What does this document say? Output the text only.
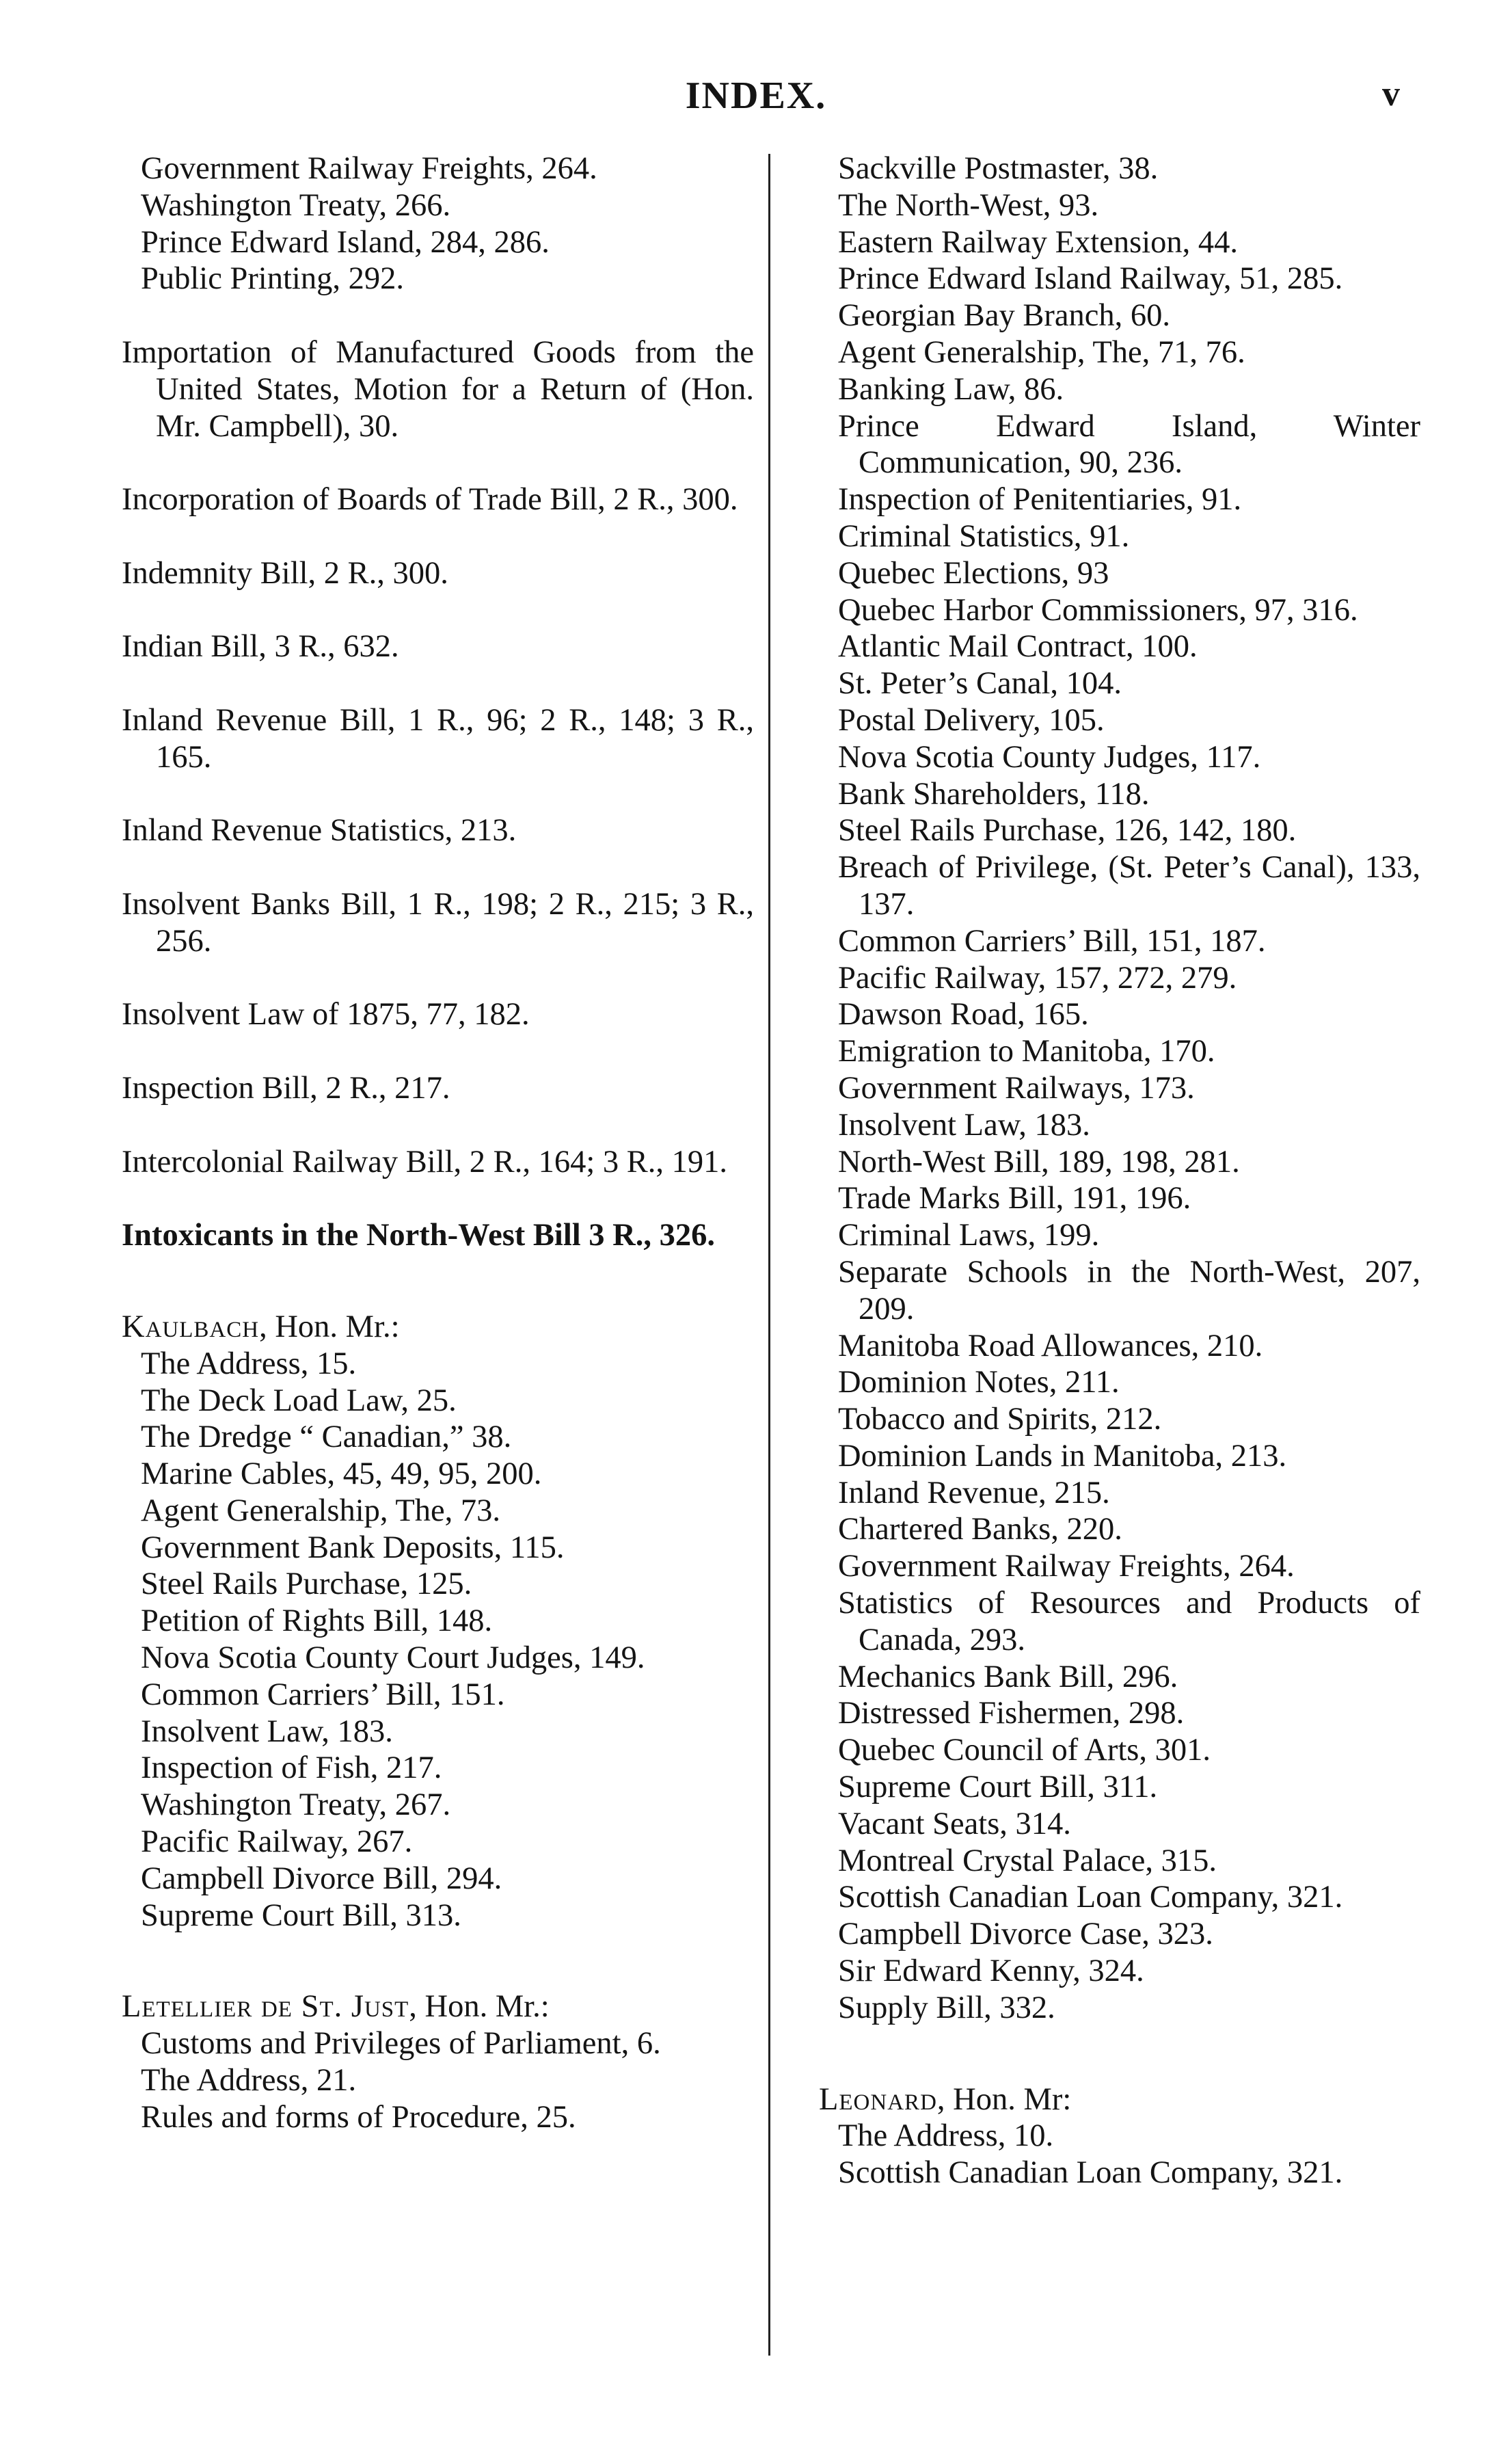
INDEX.	v
Government Railway Freights, 264.
Washington Treaty, 266.
Prince Edward Island, 284, 286.
Public Printing, 292.
Importation of Manufactured Goods from the United States, Motion for a Return of (Hon. Mr. Campbell), 30.
Incorporation of Boards of Trade Bill, 2 R., 300.
Indemnity Bill, 2 R., 300.
Indian Bill, 3 R., 632.
Inland Revenue Bill, 1 R., 96; 2 R., 148; 3 R., 165.
Inland Revenue Statistics, 213.
Insolvent Banks Bill, 1 R., 198; 2 R., 215; 3 R., 256.
Insolvent Law of 1875, 77, 182.
Inspection Bill, 2 R., 217.
Intercolonial Railway Bill, 2 R., 164; 3 R., 191.
Intoxicants in the North-West Bill 3 R., 326.
Kaulbach, Hon. Mr.:
The Address, 15.
The Deck Load Law, 25.
The Dredge “ Canadian,” 38.
Marine Cables, 45, 49, 95, 200.
Agent Generalship, The, 73.
Government Bank Deposits, 115.
Steel Rails Purchase, 125.
Petition of Rights Bill, 148.
Nova Scotia County Court Judges, 149.
Common Carriers’ Bill, 151.
Insolvent Law, 183.
Inspection of Fish, 217.
Washington Treaty, 267.
Pacific Railway, 267.
Campbell Divorce Bill, 294.
Supreme Court Bill, 313.
Letellier de St. Just, Hon. Mr.:
Customs and Privileges of Parliament, 6.
The Address, 21.
Rules and forms of Procedure, 25.
Sackville Postmaster, 38.
The North-West, 93.
Eastern Railway Extension, 44.
Prince Edward Island Railway, 51, 285.
Georgian Bay Branch, 60.
Agent Generalship, The, 71, 76.
Banking Law, 86.
Prince Edward Island, Winter Communication, 90, 236.
Inspection of Penitentiaries, 91.
Criminal Statistics, 91.
Quebec Elections, 93
Quebec Harbor Commissioners, 97, 316.
Atlantic Mail Contract, 100.
St. Peter’s Canal, 104.
Postal Delivery, 105.
Nova Scotia County Judges, 117.
Bank Shareholders, 118.
Steel Rails Purchase, 126, 142, 180.
Breach of Privilege, (St. Peter’s Canal), 133, 137.
Common Carriers’ Bill, 151, 187.
Pacific Railway, 157, 272, 279.
Dawson Road, 165.
Emigration to Manitoba, 170.
Government Railways, 173.
Insolvent Law, 183.
North-West Bill, 189, 198, 281.
Trade Marks Bill, 191, 196.
Criminal Laws, 199.
Separate Schools in the North-West, 207, 209.
Manitoba Road Allowances, 210.
Dominion Notes, 211.
Tobacco and Spirits, 212.
Dominion Lands in Manitoba, 213.
Inland Revenue, 215.
Chartered Banks, 220.
Government Railway Freights, 264.
Statistics of Resources and Products of Canada, 293.
Mechanics Bank Bill, 296.
Distressed Fishermen, 298.
Quebec Council of Arts, 301.
Supreme Court Bill, 311.
Vacant Seats, 314.
Montreal Crystal Palace, 315.
Scottish Canadian Loan Company, 321.
Campbell Divorce Case, 323.
Sir Edward Kenny, 324.
Supply Bill, 332.
Leonard, Hon. Mr:
The Address, 10.
Scottish Canadian Loan Company, 321.
